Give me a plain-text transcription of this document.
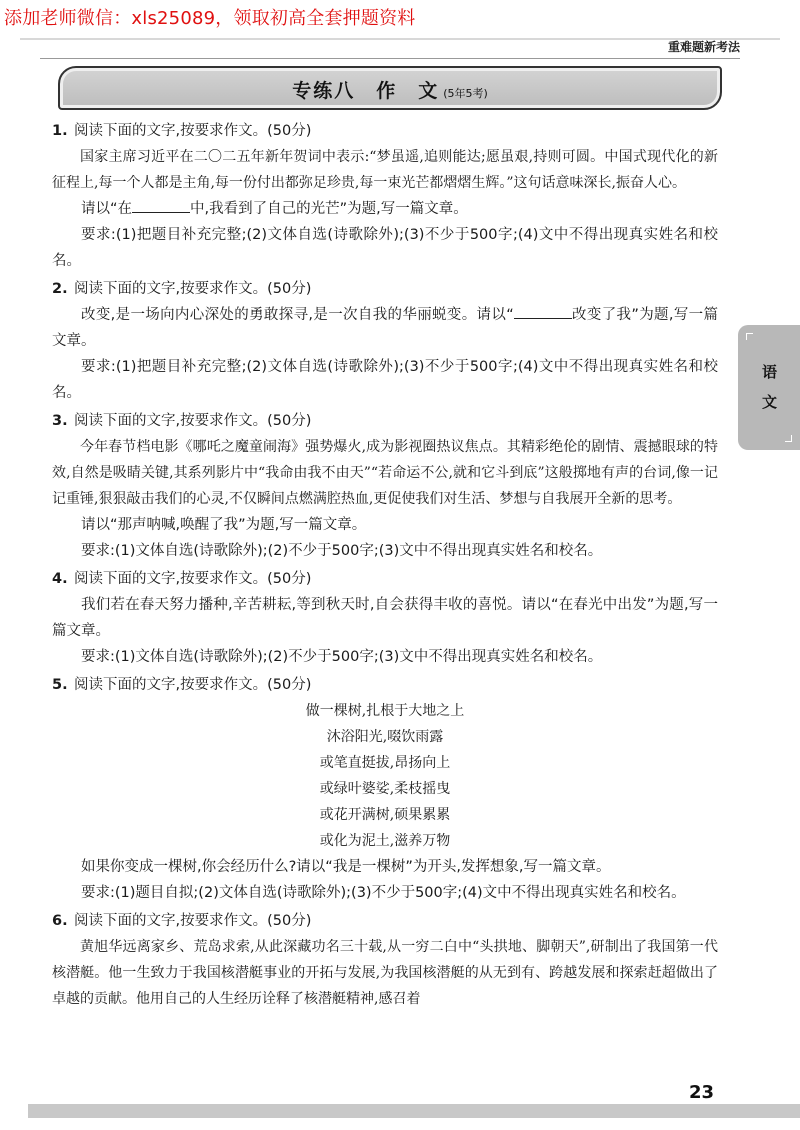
添加老师微信：xls25089，领取初高全套押题资料
重难题新考法
专练八　作　文 (5年5考)
语
文
1. 阅读下面的文字,按要求作文。(50分)

国家主席习近平在二〇二五年新年贺词中表示:“梦虽遥,追则能达;愿虽艰,持则可圆。中国式现代化的新征程上,每一个人都是主角,每一份付出都弥足珍贵,每一束光芒都熠熠生辉。”这句话意味深长,振奋人心。

请以“在	中,我看到了自己的光芒”为题,写一篇文章。

要求:(1)把题目补充完整;(2)文体自选(诗歌除外);(3)不少于500字;(4)文中不得出现真实姓名和校名。

2. 阅读下面的文字,按要求作文。(50分)

改变,是一场向内心深处的勇敢探寻,是一次自我的华丽蜕变。请以“	改变了我”为题,写一篇文章。

要求:(1)把题目补充完整;(2)文体自选(诗歌除外);(3)不少于500字;(4)文中不得出现真实姓名和校名。

3. 阅读下面的文字,按要求作文。(50分)

今年春节档电影《哪吒之魔童闹海》强势爆火,成为影视圈热议焦点。其精彩绝伦的剧情、震撼眼球的特效,自然是吸睛关键,其系列影片中“我命由我不由天”“若命运不公,就和它斗到底”这般掷地有声的台词,像一记记重锤,狠狠敲击我们的心灵,不仅瞬间点燃满腔热血,更促使我们对生活、梦想与自我展开全新的思考。

请以“那声呐喊,唤醒了我”为题,写一篇文章。

要求:(1)文体自选(诗歌除外);(2)不少于500字;(3)文中不得出现真实姓名和校名。

4. 阅读下面的文字,按要求作文。(50分)

我们若在春天努力播种,辛苦耕耘,等到秋天时,自会获得丰收的喜悦。请以“在春光中出发”为题,写一篇文章。

要求:(1)文体自选(诗歌除外);(2)不少于500字;(3)文中不得出现真实姓名和校名。

5. 阅读下面的文字,按要求作文。(50分)
做一棵树,扎根于大地之上
沐浴阳光,啜饮雨露
或笔直挺拔,昂扬向上
或绿叶婆娑,柔枝摇曳
或花开满树,硕果累累
或化为泥土,滋养万物

如果你变成一棵树,你会经历什么?请以“我是一棵树”为开头,发挥想象,写一篇文章。

要求:(1)题目自拟;(2)文体自选(诗歌除外);(3)不少于500字;(4)文中不得出现真实姓名和校名。

6. 阅读下面的文字,按要求作文。(50分)

黄旭华远离家乡、荒岛求索,从此深藏功名三十载,从一穷二白中“头拱地、脚朝天”,研制出了我国第一代核潜艇。他一生致力于我国核潜艇事业的开拓与发展,为我国核潜艇的从无到有、跨越发展和探索赶超做出了卓越的贡献。他用自己的人生经历诠释了核潜艇精神,感召着

23
